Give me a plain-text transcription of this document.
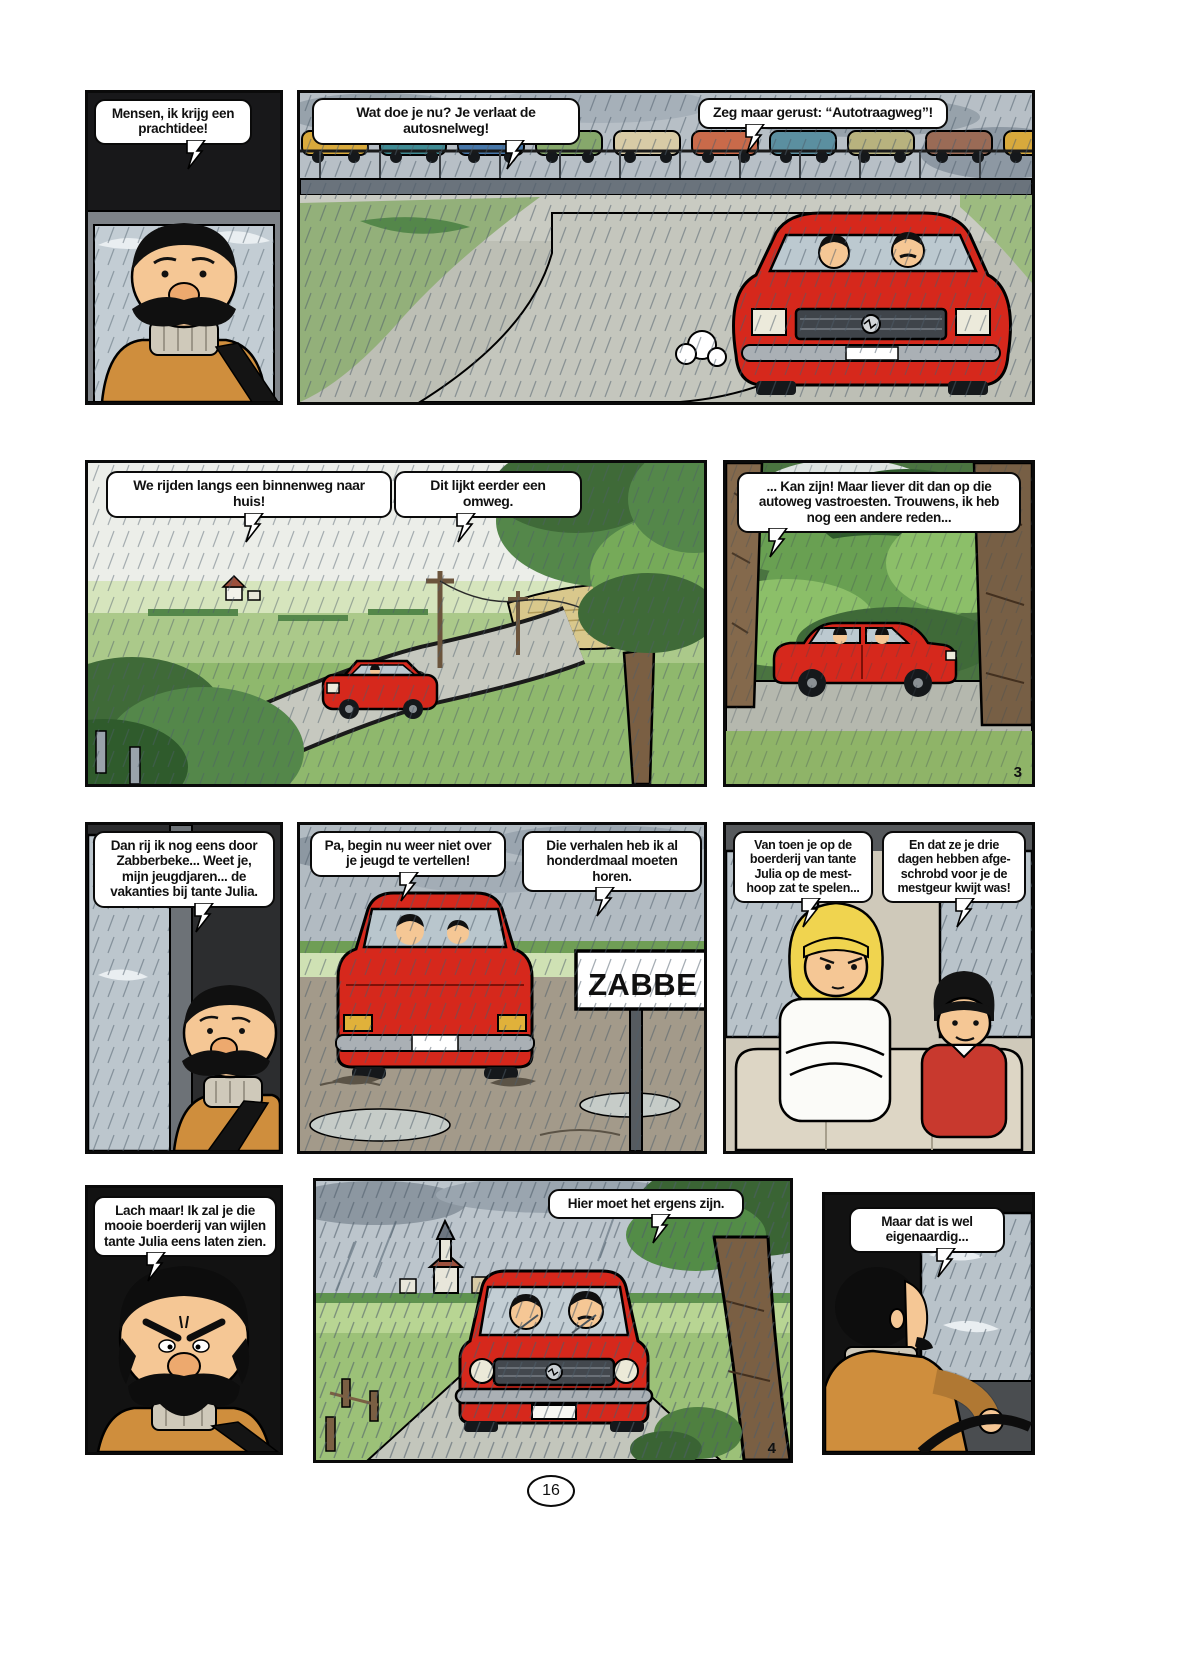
Mensen, ik krijg een prachtidee!
Wat doe je nu? Je verlaat de autosnelweg!
Zeg maar gerust: “Autotraagweg”!
We rijden langs een binnenweg naar huis!
Dit lijkt eerder een omweg.
... Kan zijn! Maar liever dit dan op die autoweg vastroesten. Trouwens, ik heb nog een andere reden...
3
Dan rij ik nog eens door Zabberbeke... Weet je, mijn jeugdjaren... de vakanties bij tante Julia.
ZABBE
Pa, begin nu weer niet over je jeugd te vertellen!
Die verhalen heb ik al honderdmaal moeten horen.
Van toen je op de boerderij van tante Julia op de mest-hoop zat te spelen...
En dat ze je drie dagen hebben afge-schrobd voor je de mestgeur kwijt was!
Lach maar! Ik zal je die mooie boerderij van wijlen tante Julia eens laten zien.
Hier moet het ergens zijn.
4
Maar dat is wel eigenaardig...
16
